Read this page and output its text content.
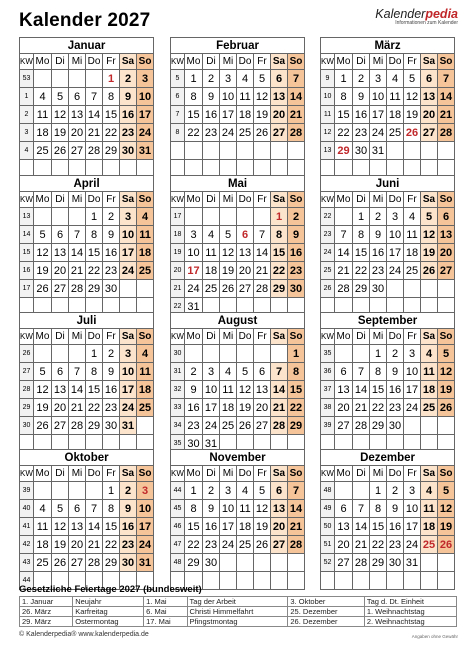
Kalender 2027	Kalenderpedia
Informationen zum Kalender
Januar							
KW	Mo	Di	Mi	Do	Fr	Sa	So
53					1	2	3
1	4	5	6	7	8	9	10
2	11	12	13	14	15	16	17
3	18	19	20	21	22	23	24
4	25	26	27	28	29	30	31

Februar							
KW	Mo	Di	Mi	Do	Fr	Sa	So
5	1	2	3	4	5	6	7
6	8	9	10	11	12	13	14
7	15	16	17	18	19	20	21
8	22	23	24	25	26	27	28

März							
KW	Mo	Di	Mi	Do	Fr	Sa	So
9	1	2	3	4	5	6	7
10	8	9	10	11	12	13	14
11	15	16	17	18	19	20	21
12	22	23	24	25	26	27	28
13	29	30	31				

April							
KW	Mo	Di	Mi	Do	Fr	Sa	So
13				1	2	3	4
14	5	6	7	8	9	10	11
15	12	13	14	15	16	17	18
16	19	20	21	22	23	24	25
17	26	27	28	29	30		

Mai							
KW	Mo	Di	Mi	Do	Fr	Sa	So
17						1	2
18	3	4	5	6	7	8	9
19	10	11	12	13	14	15	16
20	17	18	19	20	21	22	23
21	24	25	26	27	28	29	30
22	31						
Juni							
KW	Mo	Di	Mi	Do	Fr	Sa	So
22		1	2	3	4	5	6
23	7	8	9	10	11	12	13
24	14	15	16	17	18	19	20
25	21	22	23	24	25	26	27
26	28	29	30				

Juli							
KW	Mo	Di	Mi	Do	Fr	Sa	So
26				1	2	3	4
27	5	6	7	8	9	10	11
28	12	13	14	15	16	17	18
29	19	20	21	22	23	24	25
30	26	27	28	29	30	31	

August							
KW	Mo	Di	Mi	Do	Fr	Sa	So
30							1
31	2	3	4	5	6	7	8
32	9	10	11	12	13	14	15
33	16	17	18	19	20	21	22
34	23	24	25	26	27	28	29
35	30	31					
September							
KW	Mo	Di	Mi	Do	Fr	Sa	So
35			1	2	3	4	5
36	6	7	8	9	10	11	12
37	13	14	15	16	17	18	19
38	20	21	22	23	24	25	26
39	27	28	29	30			

Oktober							
KW	Mo	Di	Mi	Do	Fr	Sa	So
39					1	2	3
40	4	5	6	7	8	9	10
41	11	12	13	14	15	16	17
42	18	19	20	21	22	23	24
43	25	26	27	28	29	30	31
44							
November							
KW	Mo	Di	Mi	Do	Fr	Sa	So
44	1	2	3	4	5	6	7
45	8	9	10	11	12	13	14
46	15	16	17	18	19	20	21
47	22	23	24	25	26	27	28
48	29	30					

Dezember							
KW	Mo	Di	Mi	Do	Fr	Sa	So
48			1	2	3	4	5
49	6	7	8	9	10	11	12
50	13	14	15	16	17	18	19
51	20	21	22	23	24	25	26
52	27	28	29	30	31		

Gesetzliche Feiertage 2027 (bundesweit)
1. Januar	Neujahr	1. Mai	Tag der Arbeit	3. Oktober	Tag d. Dt. Einheit
26. März	Karfreitag	6. Mai	Christi Himmelfahrt	25. Dezember	1. Weihnachtstag
29. März	Ostermontag	17. Mai	Pfingstmontag	26. Dezember	2. Weihnachtstag
© Kalenderpedia® www.kalenderpedia.de	Angaben ohne Gewähr
